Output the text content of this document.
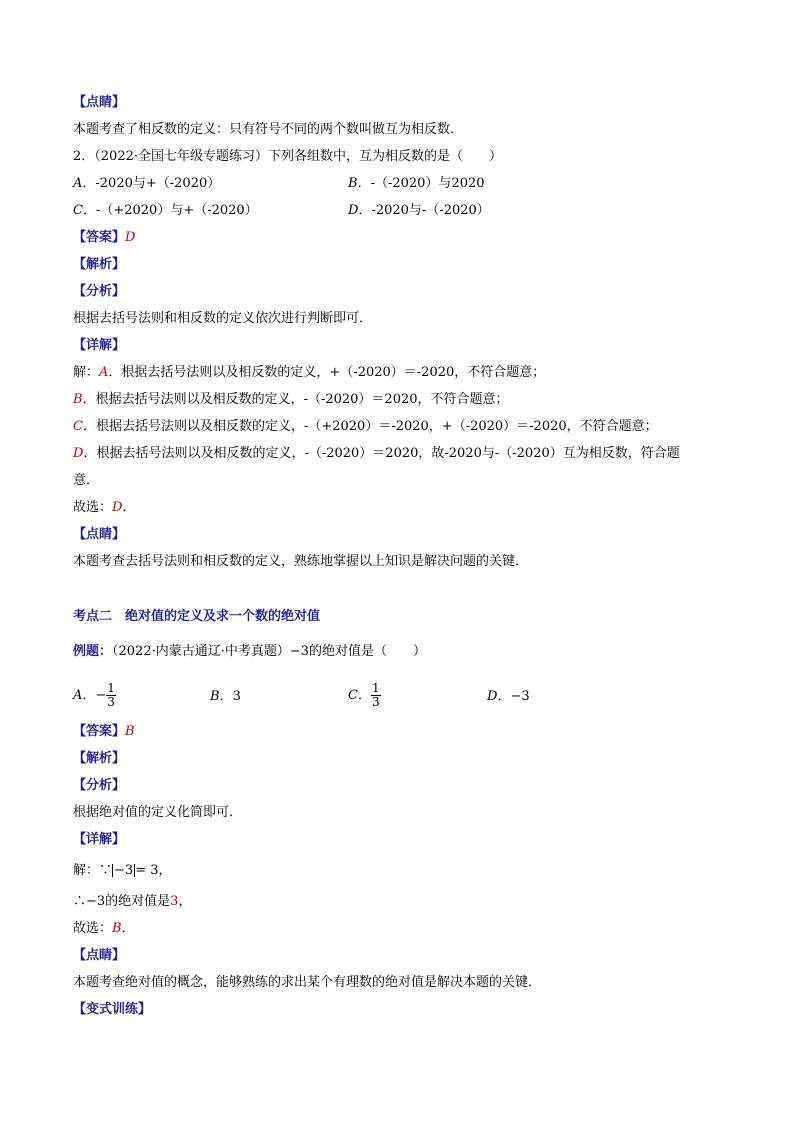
【点睛】
本题考查了相反数的定义：只有符号不同的两个数叫做互为相反数．
2．（2022·全国七年级专题练习）下列各组数中，互为相反数的是（　　）
A．-2020与+（-2020）	B．-（-2020）与2020
C．-（+2020）与+（-2020）	D．-2020与-（-2020）
【答案】D
【解析】
【分析】
根据去括号法则和相反数的定义依次进行判断即可．
【详解】
解：A．根据去括号法则以及相反数的定义，+（-2020）＝-2020，不符合题意；
B．根据去括号法则以及相反数的定义，-（-2020）＝2020，不符合题意；
C．根据去括号法则以及相反数的定义，-（+2020）＝-2020，+（-2020）＝-2020，不符合题意；
D．根据去括号法则以及相反数的定义，-（-2020）＝2020，故-2020与-（-2020）互为相反数，符合题
意．
故选：D．
【点睛】
本题考查去括号法则和相反数的定义，熟练地掌握以上知识是解决问题的关键．
考点二　绝对值的定义及求一个数的绝对值
例题：（2022·内蒙古通辽·中考真题）−3的绝对值是（　　）
A．− $\frac{1}{3}$	B．3	C． $\frac{1}{3}$	D．−3
【答案】B
【解析】
【分析】
根据绝对值的定义化简即可．
【详解】
解：∵ −3 = 3，
∴−3的绝对值是3，
故选：B．
【点睛】
本题考查绝对值的概念，能够熟练的求出某个有理数的绝对值是解决本题的关键．
【变式训练】
